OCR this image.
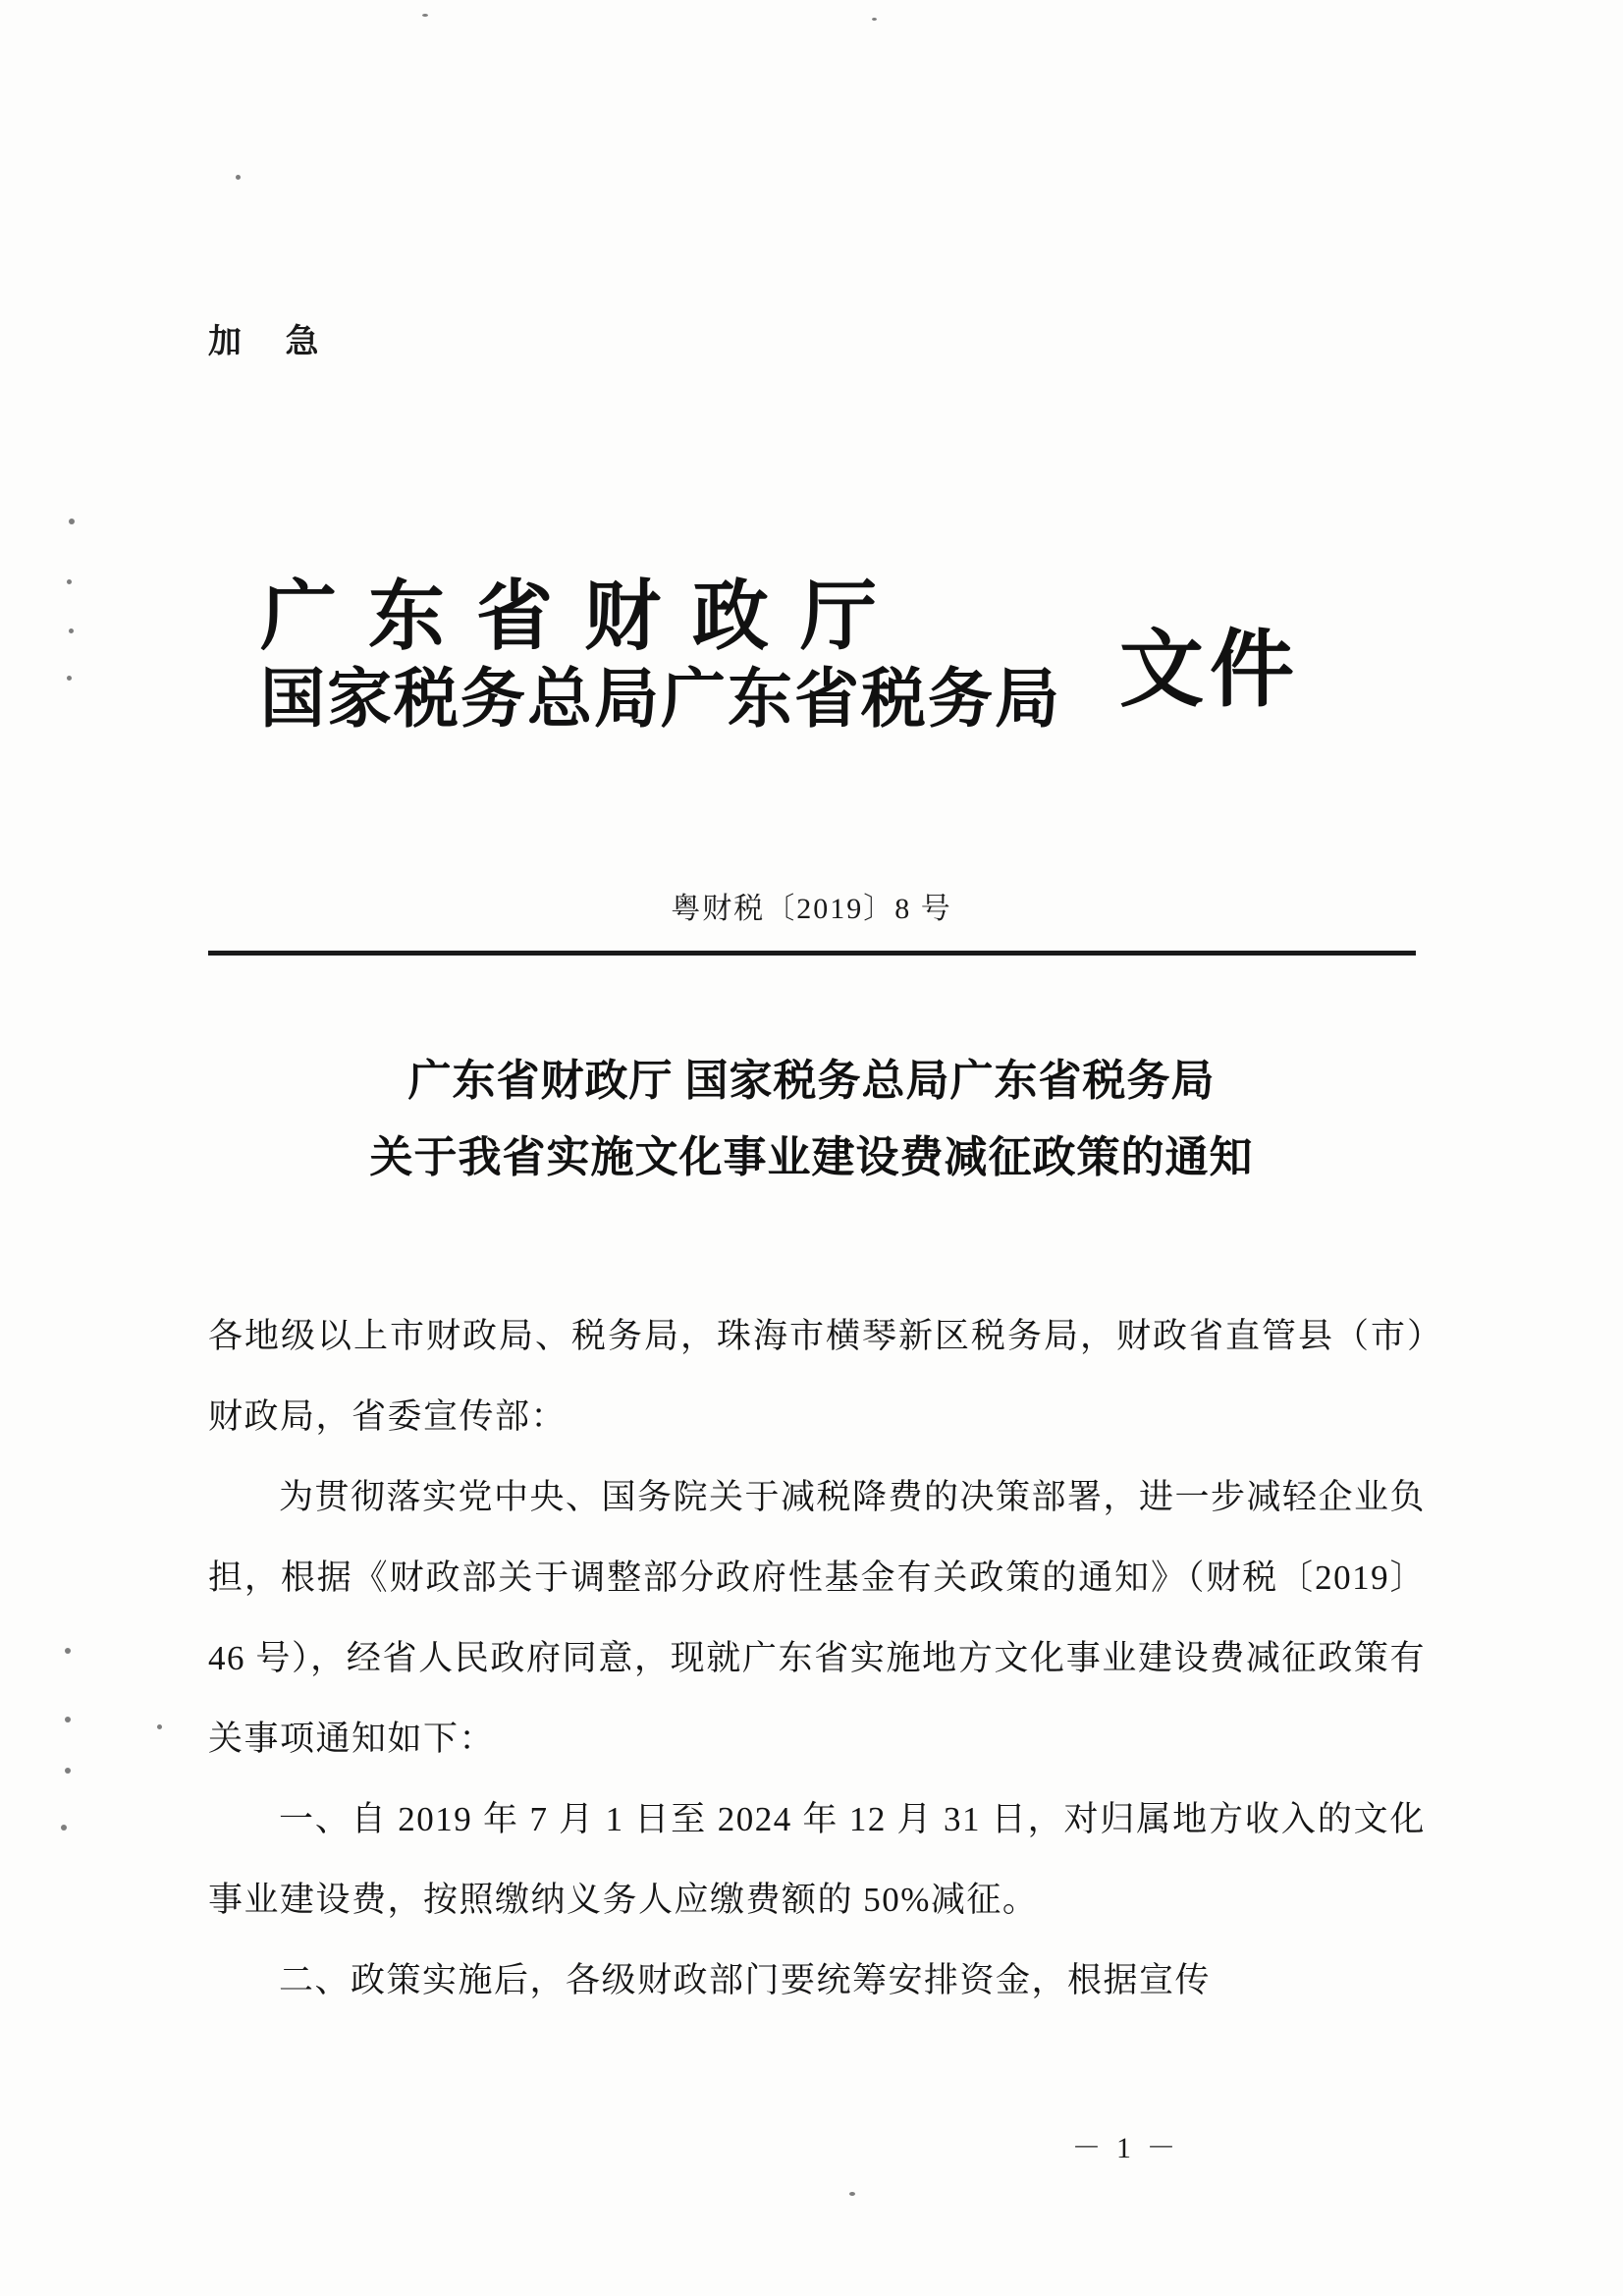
加 急
广东省财政厅
国家税务总局广东省税务局 文件
粤财税〔2019〕8 号
广东省财政厅 国家税务总局广东省税务局
关于我省实施文化事业建设费减征政策的通知

各地级以上市财政局、税务局，珠海市横琴新区税务局，财政省直管县（市）财政局，省委宣传部：

为贯彻落实党中央、国务院关于减税降费的决策部署，进一步减轻企业负担，根据《财政部关于调整部分政府性基金有关政策的通知》（财税〔2019〕46 号），经省人民政府同意，现就广东省实施地方文化事业建设费减征政策有关事项通知如下：

一、自 2019 年 7 月 1 日至 2024 年 12 月 31 日，对归属地方收入的文化事业建设费，按照缴纳义务人应缴费额的 50%减征。

二、政策实施后，各级财政部门要统筹安排资金，根据宣传

－ 1 －
